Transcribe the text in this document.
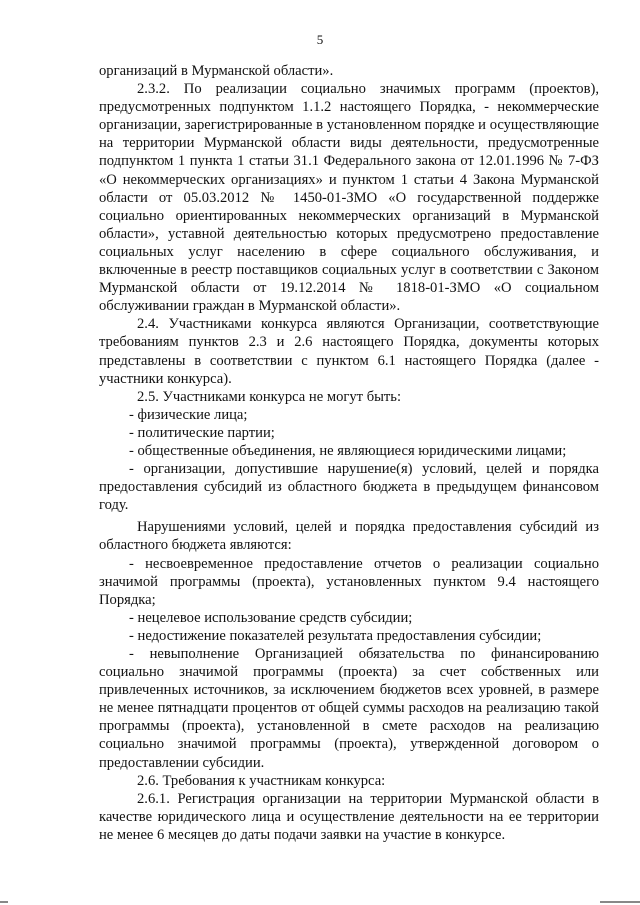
5

организаций в Мурманской области».

2.3.2. По реализации социально значимых программ (проектов), предусмотренных подпунктом 1.1.2 настоящего Порядка, - некоммерческие организации, зарегистрированные в установленном порядке и осуществляющие на территории Мурманской области виды деятельности, предусмотренные подпунктом 1 пункта 1 статьи 31.1 Федерального закона от 12.01.1996 № 7-ФЗ «О некоммерческих организациях» и пунктом 1 статьи 4 Закона Мурманской области от 05.03.2012 № 1450-01-ЗМО «О государственной поддержке социально ориентированных некоммерческих организаций в Мурманской области», уставной деятельностью которых предусмотрено предоставление социальных услуг населению в сфере социального обслуживания, и включенные в реестр поставщиков социальных услуг в соответствии с Законом Мурманской области от 19.12.2014 № 1818-01-ЗМО «О социальном обслуживании граждан в Мурманской области».

2.4. Участниками конкурса являются Организации, соответствующие требованиям пунктов 2.3 и 2.6 настоящего Порядка, документы которых представлены в соответствии с пунктом 6.1 настоящего Порядка (далее - участники конкурса).

2.5. Участниками конкурса не могут быть:

- физические лица;

- политические партии;

- общественные объединения, не являющиеся юридическими лицами;

- организации, допустившие нарушение(я) условий, целей и порядка предоставления субсидий из областного бюджета в предыдущем финансовом году.

Нарушениями условий, целей и порядка предоставления субсидий из областного бюджета являются:

- несвоевременное предоставление отчетов о реализации социально значимой программы (проекта), установленных пунктом 9.4 настоящего Порядка;

- нецелевое использование средств субсидии;

- недостижение показателей результата предоставления субсидии;

- невыполнение Организацией обязательства по финансированию социально значимой программы (проекта) за счет собственных или привлеченных источников, за исключением бюджетов всех уровней, в размере не менее пятнадцати процентов от общей суммы расходов на реализацию такой программы (проекта), установленной в смете расходов на реализацию социально значимой программы (проекта), утвержденной договором о предоставлении субсидии.

2.6. Требования к участникам конкурса:

2.6.1. Регистрация организации на территории Мурманской области в качестве юридического лица и осуществление деятельности на ее территории не менее 6 месяцев до даты подачи заявки на участие в конкурсе.
